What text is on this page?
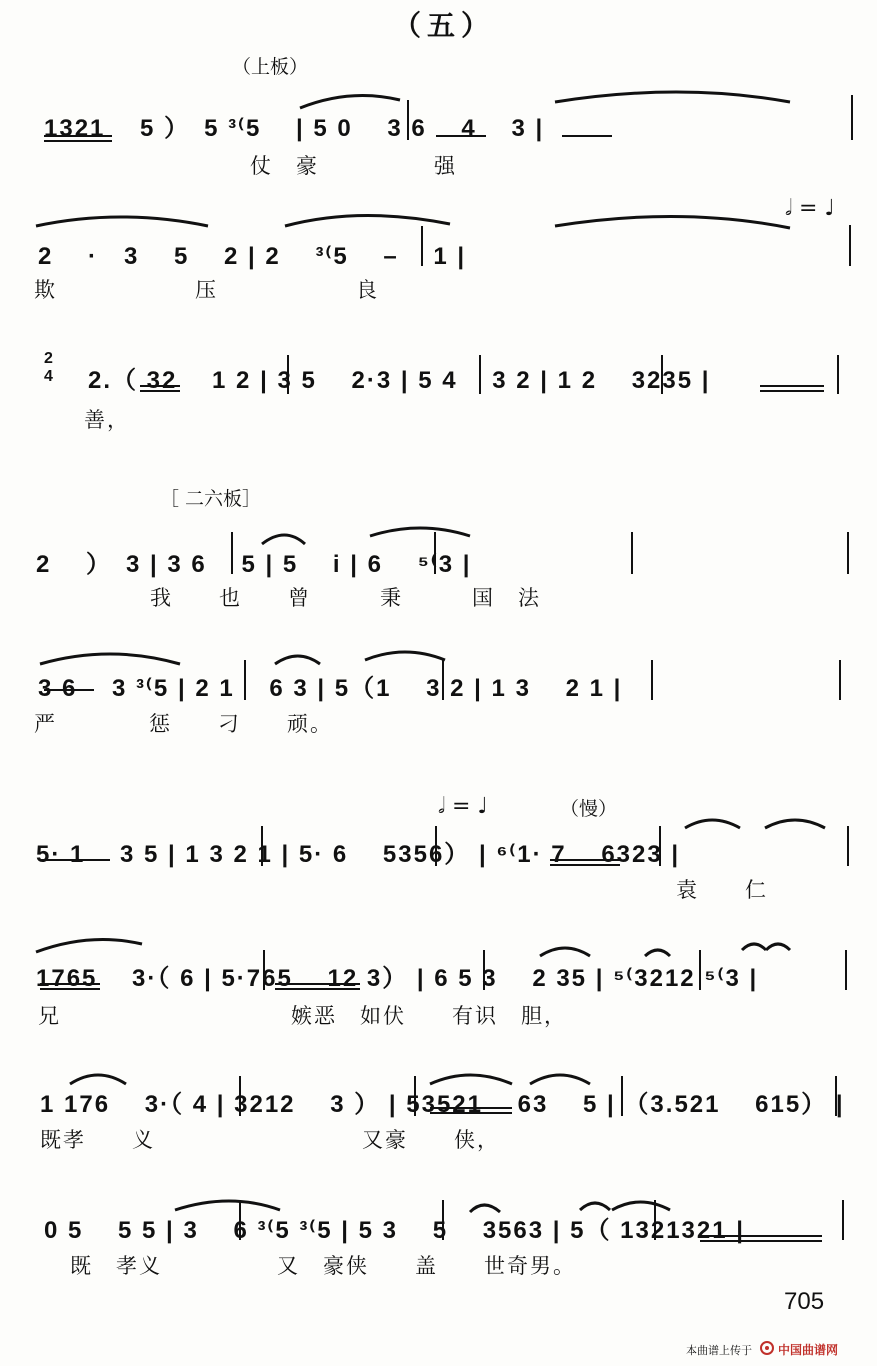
（五）
（上板）
1321　 5 ）　5 ³⁽5　 | 5 0　 3 6　 4　 3 |
仗　豪　　　　　强
𝅗𝅥 = ♩
2　 ·　3　 5　 2 | 2　 ³⁽5　 –　 1 |
欺　　　　　　压　　　　　　良
2
4 2.（ 32　 1 2 | 3 5　 2·3 | 5 4　 3 2 | 1 2　 3235 |
善，
［ 二六板］
2　 ）　3 | 3 6　 5 | 5　 i | 6　 ⁵⁽3 |
我　　也　　曾　　　秉　　　国　法
3 6　 3 ³⁽5 | 2 1　 6 3 | 5（1　 3 2 | 1 3　 2 1 |
严　　　　惩　　刁　　顽。
𝅗𝅥 = ♩	（慢）
5· 1　 3 5 | 1 3 2 1 | 5· 6　 5356） | ⁶⁽1· 7　 6323 |
袁　　仁
1765　 3·（ 6 | 5·765　 12 3） | 6 5 3　 2 35 | ⁵⁽3212 ⁵⁽3 |
兄　　　　　　　　　　嫉恶　如伏　　有识　胆，
1 176　 3·（ 4 | 3212　 3 ） | 53521　 63　 5 | （3.521　 615） |
既孝　　义　　　　　　　　　又豪　　侠，
0 5　 5 5 | 3　 6 ³⁽5 ³⁽5 | 5 3　 5　 3563 | 5（ 1321321 |
既　孝义　　　　　又　豪侠　　盖　　世奇男。
705
本曲谱上传于 中国曲谱网
